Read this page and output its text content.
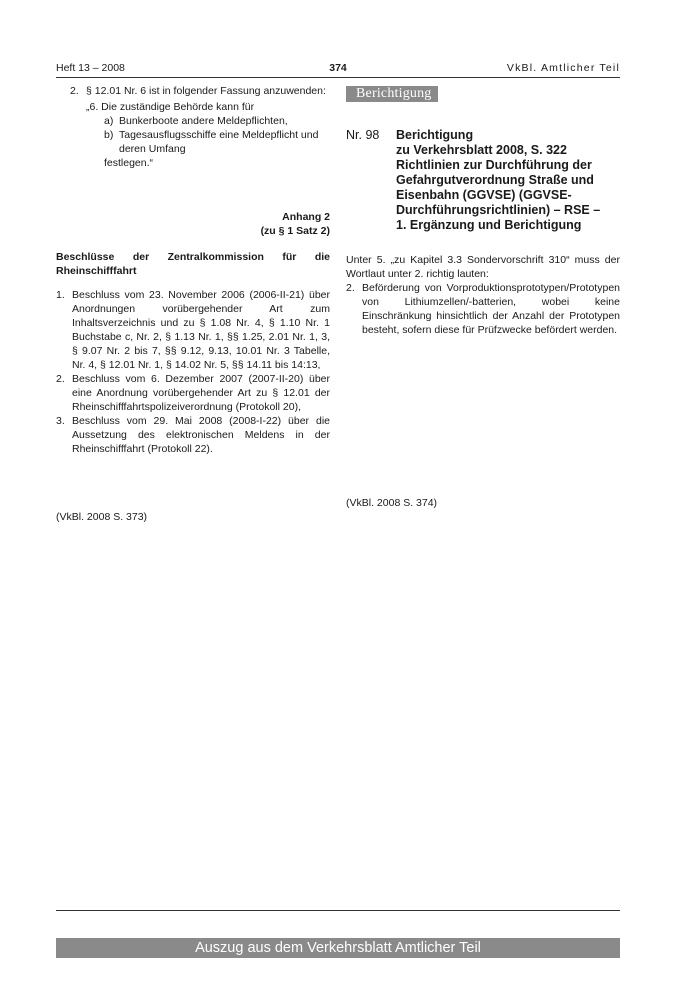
Heft 13 – 2008	374	VkBl. Amtlicher Teil
2. § 12.01 Nr. 6 ist in folgender Fassung anzuwenden:
„6. Die zuständige Behörde kann für
a) Bunkerboote andere Meldepflichten,
b) Tagesausflugsschiffe eine Meldepflicht und deren Umfang
festlegen.“
Anhang 2
(zu § 1 Satz 2)
Beschlüsse der Zentralkommission für die Rheinschifffahrt
1. Beschluss vom 23. November 2006 (2006-II-21) über Anordnungen vorübergehender Art zum Inhaltsverzeichnis und zu § 1.08 Nr. 4, § 1.10 Nr. 1 Buchstabe c, Nr. 2, § 1.13 Nr. 1, §§ 1.25, 2.01 Nr. 1, 3, § 9.07 Nr. 2 bis 7, §§ 9.12, 9.13, 10.01 Nr. 3 Tabelle, Nr. 4, § 12.01 Nr. 1, § 14.02 Nr. 5, §§ 14.11 bis 14:13,
2. Beschluss vom 6. Dezember 2007 (2007-II-20) über eine Anordnung vorübergehender Art zu § 12.01 der Rheinschifffahrtspolizeiverordnung (Protokoll 20),
3. Beschluss vom 29. Mai 2008 (2008-I-22) über die Aussetzung des elektronischen Meldens in der Rheinschifffahrt (Protokoll 22).
(VkBl. 2008 S. 373)
Berichtigung
Nr. 98	Berichtigung
zu Verkehrsblatt 2008, S. 322
Richtlinien zur Durchführung der
Gefahrgutverordnung Straße und
Eisenbahn (GGVSE) (GGVSE-
Durchführungsrichtlinien) – RSE –
1. Ergänzung und Berichtigung
Unter 5. „zu Kapitel 3.3 Sondervorschrift 310“ muss der Wortlaut unter 2. richtig lauten:
2. Beförderung von Vorproduktionsprototypen/Prototypen von Lithiumzellen/-batterien, wobei keine Einschränkung hinsichtlich der Anzahl der Prototypen besteht, sofern diese für Prüfzwecke befördert werden.
(VkBl. 2008 S. 374)
Auszug aus dem Verkehrsblatt Amtlicher Teil
